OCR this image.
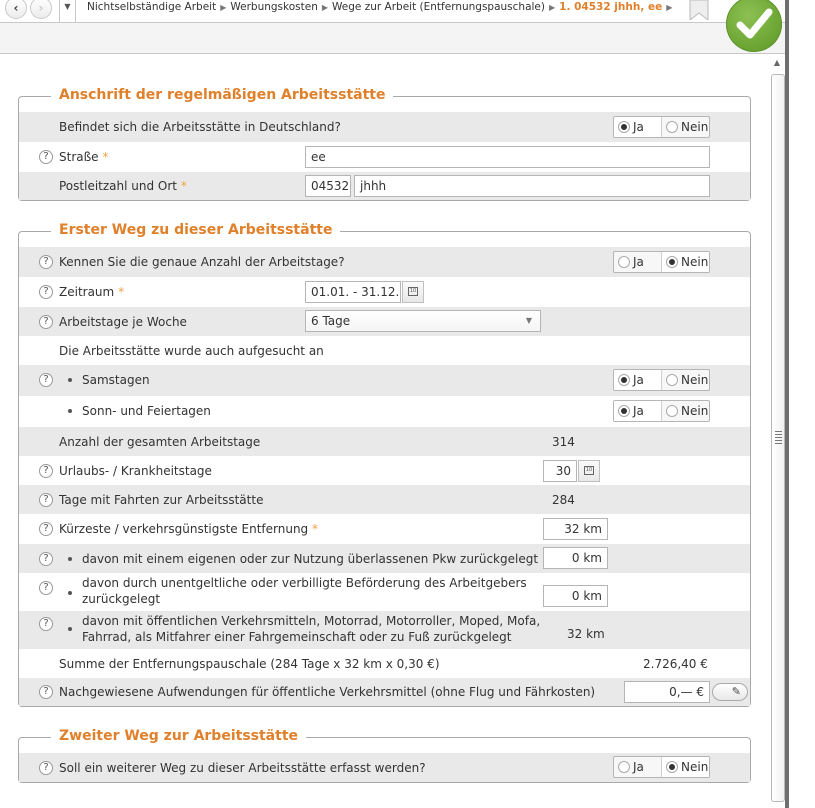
‹	›	▼	Nichtselbständige Arbeit ▶ Werbungskosten ▶ Wege zur Arbeit (Entfernungspauschale) ▶ 1. 04532 jhhh, ee ▶
▲
Anschrift der regelmäßigen Arbeitsstätte
Befindet sich die Arbeitsstätte in Deutschland?	Ja	Nein
? Straße *	ee
Postleitzahl und Ort *	04532 jhhh
Erster Weg zu dieser Arbeitsstätte
? Kennen Sie die genaue Anzahl der Arbeitstage?	Ja	Nein
? Zeitraum *	01.01. - 31.12.	10
? Arbeitstage je Woche	6 Tage	▼
Die Arbeitsstätte wurde auch aufgesucht an
?	Samstagen	Ja	Nein
Sonn- und Feiertagen	Ja	Nein
Anzahl der gesamten Arbeitstage	314
? Urlaubs- / Krankheitstage	30	10
? Tage mit Fahrten zur Arbeitsstätte	284
? Kürzeste / verkehrsgünstigste Entfernung *	32 km
?	davon mit einem eigenen oder zur Nutzung überlassenen Pkw zurückgelegt	0 km
?	davon durch unentgeltliche oder verbilligte Beförderung des Arbeitgebers
zurückgelegt	0 km
?	davon mit öffentlichen Verkehrsmitteln, Motorrad, Motorroller, Moped, Mofa,
Fahrrad, als Mitfahrer einer Fahrgemeinschaft oder zu Fuß zurückgelegt	32 km
Summe der Entfernungspauschale (284 Tage x 32 km x 0,30 €)	2.726,40 €
? Nachgewiesene Aufwendungen für öffentliche Verkehrsmittel (ohne Flug und Fährkosten)	0,— €	✎
Zweiter Weg zur Arbeitsstätte
? Soll ein weiterer Weg zu dieser Arbeitsstätte erfasst werden?	Ja	Nein
